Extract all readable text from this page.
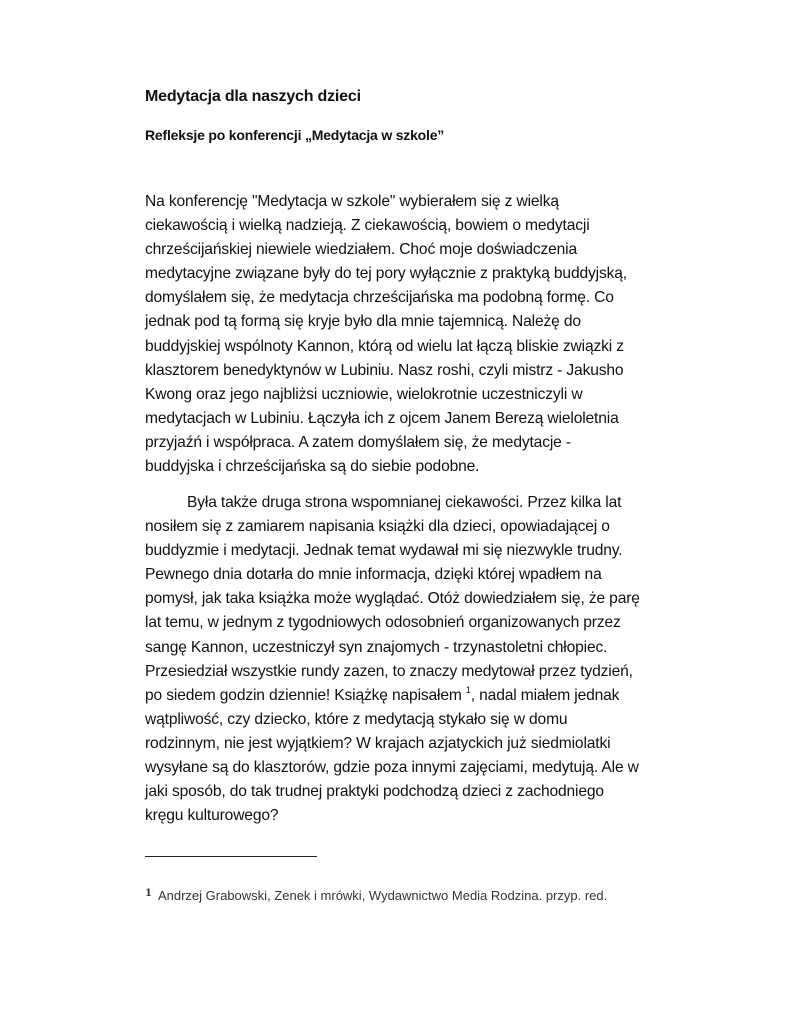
Medytacja dla naszych dzieci
Refleksje po konferencji „Medytacja w szkole”

Na konferencję "Medytacja w szkole" wybierałem się z wielką
ciekawością i wielką nadzieją. Z ciekawością, bowiem o medytacji
chrześcijańskiej niewiele wiedziałem. Choć moje doświadczenia
medytacyjne związane były do tej pory wyłącznie z praktyką buddyjską,
domyślałem się, że medytacja chrześcijańska ma podobną formę. Co
jednak pod tą formą się kryje było dla mnie tajemnicą. Należę do
buddyjskiej wspólnoty Kannon, którą od wielu lat łączą bliskie związki z
klasztorem benedyktynów w Lubiniu. Nasz roshi, czyli mistrz - Jakusho
Kwong oraz jego najbliżsi uczniowie, wielokrotnie uczestniczyli w
medytacjach w Lubiniu. Łączyła ich z ojcem Janem Berezą wieloletnia
przyjaźń i współpraca. A zatem domyślałem się, że medytacje -
buddyjska i chrześcijańska są do siebie podobne.

Była także druga strona wspomnianej ciekawości. Przez kilka lat
nosiłem się z zamiarem napisania książki dla dzieci, opowiadającej o
buddyzmie i medytacji. Jednak temat wydawał mi się niezwykle trudny.
Pewnego dnia dotarła do mnie informacja, dzięki której wpadłem na
pomysł, jak taka książka może wyglądać. Otóż dowiedziałem się, że parę
lat temu, w jednym z tygodniowych odosobnień organizowanych przez
sangę Kannon, uczestniczył syn znajomych - trzynastoletni chłopiec.
Przesiedział wszystkie rundy zazen, to znaczy medytował przez tydzień,
po siedem godzin dziennie! Książkę napisałem $^1$, nadal miałem jednak
wątpliwość, czy dziecko, które z medytacją stykało się w domu
rodzinnym, nie jest wyjątkiem? W krajach azjatyckich już siedmiolatki
wysyłane są do klasztorów, gdzie poza innymi zajęciami, medytują. Ale w
jaki sposób, do tak trudnej praktyki podchodzą dzieci z zachodniego
kręgu kulturowego?

$^1$ Andrzej Grabowski, Zenek i mrówki, Wydawnictwo Media Rodzina. przyp. red.
